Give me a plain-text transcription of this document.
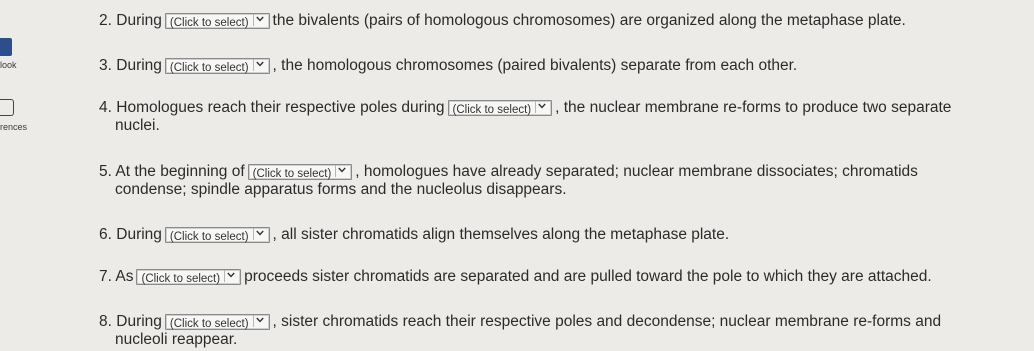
look
rences
2. During (Click to select) the bivalents (pairs of homologous chromosomes) are organized along the metaphase plate.
3. During (Click to select) , the homologous chromosomes (paired bivalents) separate from each other.
4. Homologues reach their respective poles during (Click to select) , the nuclear membrane re-forms to produce two separate
nuclei.
5. At the beginning of (Click to select) , homologues have already separated; nuclear membrane dissociates; chromatids
condense; spindle apparatus forms and the nucleolus disappears.
6. During (Click to select) , all sister chromatids align themselves along the metaphase plate.
7. As (Click to select) proceeds sister chromatids are separated and are pulled toward the pole to which they are attached.
8. During (Click to select) , sister chromatids reach their respective poles and decondense; nuclear membrane re-forms and
nucleoli reappear.
